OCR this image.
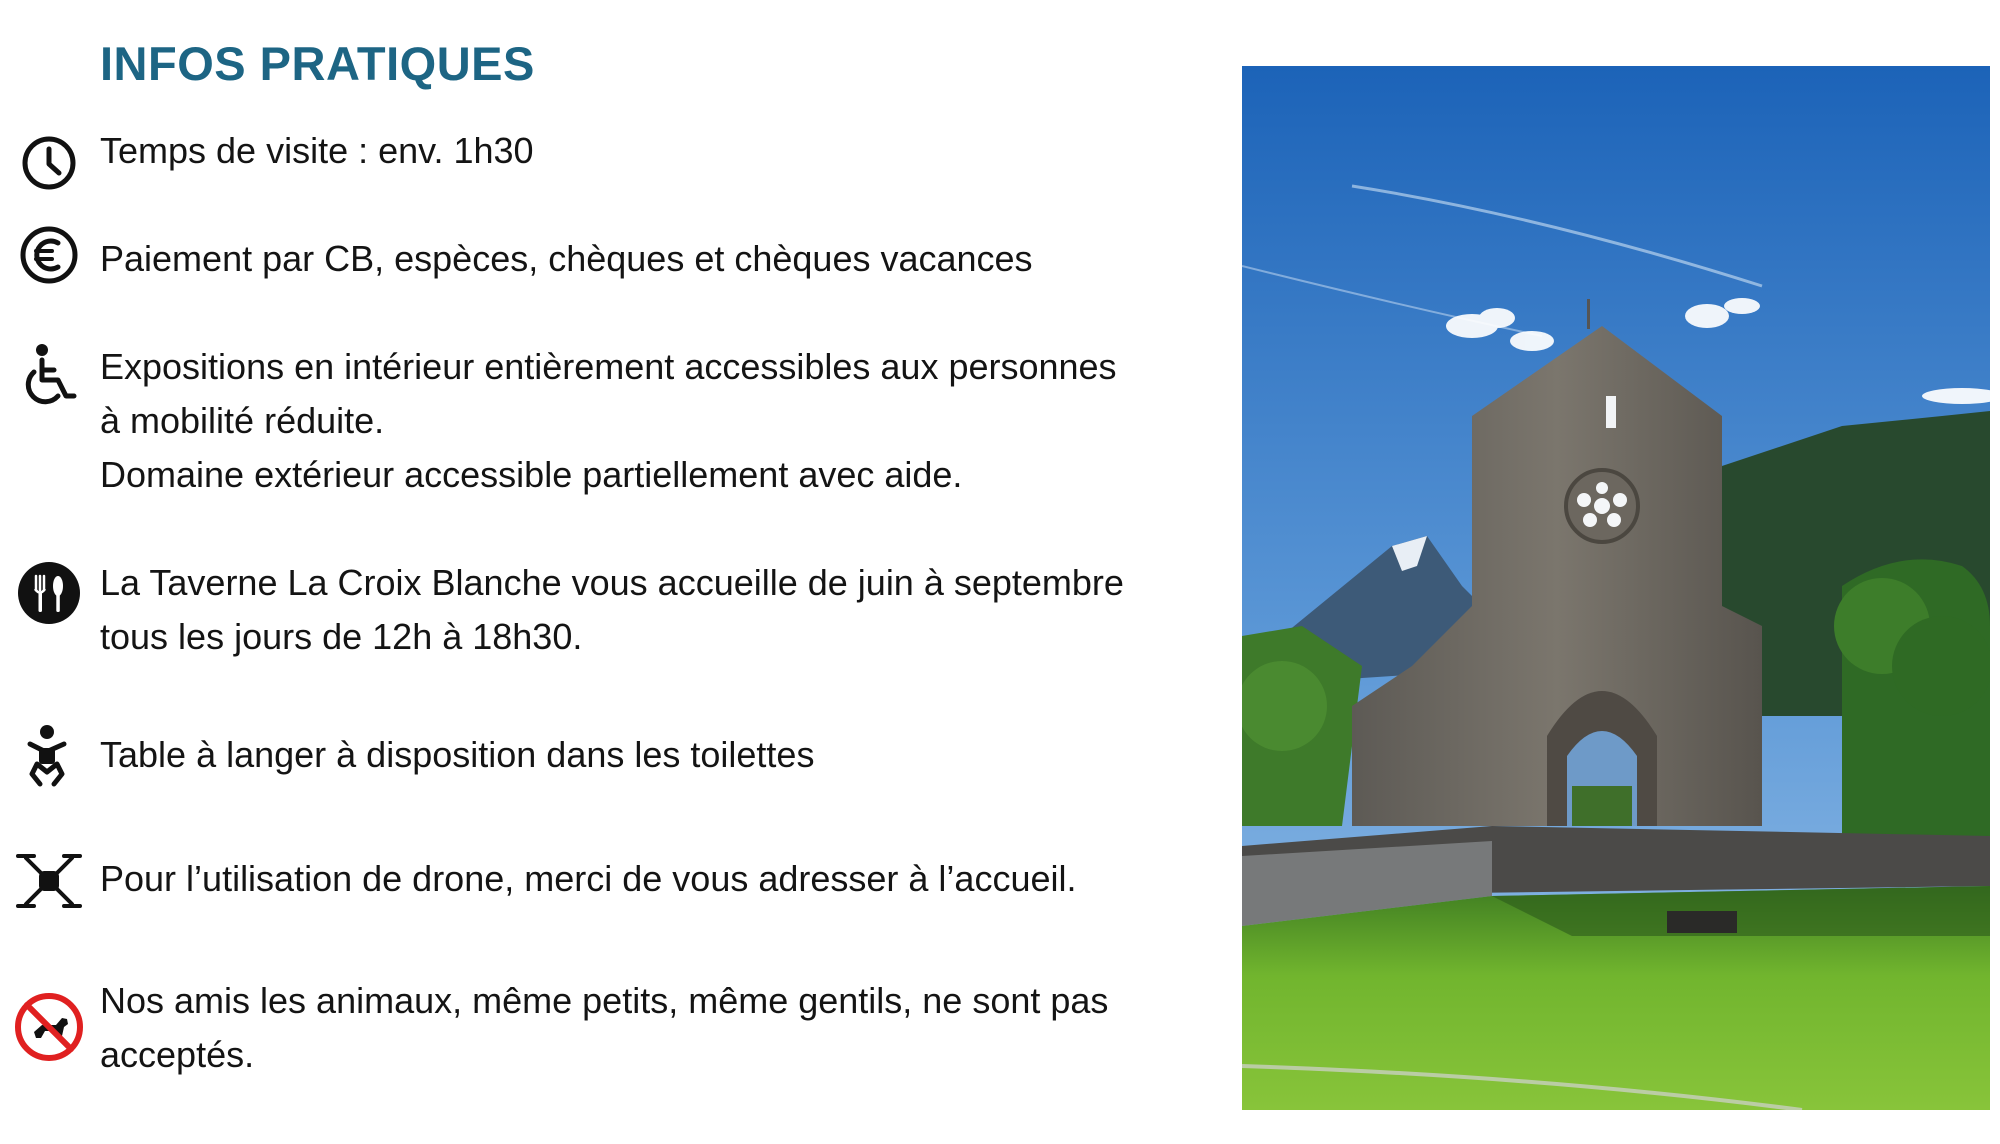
INFOS PRATIQUES

Temps de visite : env. 1h30

Paiement par CB, espèces, chèques et chèques vacances

Expositions en intérieur entièrement accessibles aux personnes

à mobilité réduite.

Domaine extérieur accessible partiellement avec aide.

La Taverne La Croix Blanche vous accueille de juin à septembre

tous les jours de 12h à 18h30.

Table à langer à disposition dans les toilettes

Pour l’utilisation de drone, merci de vous adresser à l’accueil.

Nos amis les animaux, même petits, même gentils, ne sont pas

acceptés.
